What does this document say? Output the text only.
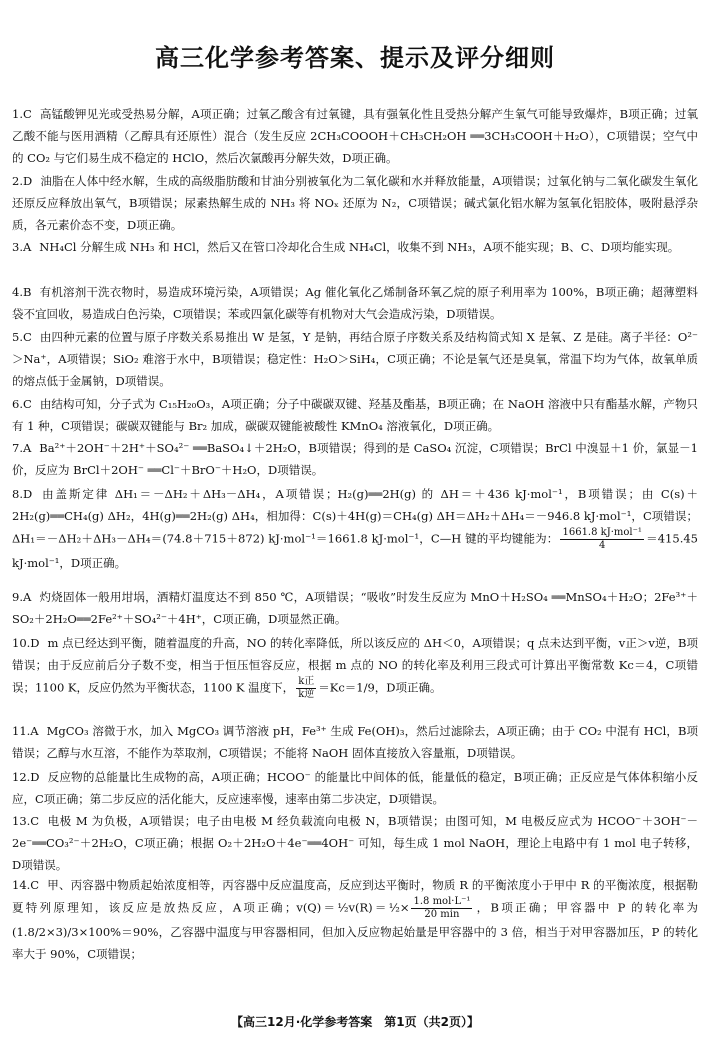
高三化学参考答案、提示及评分细则
1.C 高锰酸钾见光或受热易分解，A项正确；过氧乙酸含有过氧键，具有强氧化性且受热分解产生氧气可能导致爆炸，B项正确；过氧乙酸不能与医用酒精（乙醇具有还原性）混合（发生反应 2CH₃COOOH＋CH₃CH₂OH ══3CH₃COOH＋H₂O），C项错误；空气中的 CO₂ 与它们易生成不稳定的 HClO，然后次氯酸再分解失效，D项正确。
2.D 油脂在人体中经水解，生成的高级脂肪酸和甘油分别被氧化为二氧化碳和水并释放能量，A项错误；过氧化钠与二氧化碳发生氧化还原反应释放出氧气，B项错误；尿素热解生成的 NH₃ 将 NOₓ 还原为 N₂，C项错误；碱式氯化铝水解为氢氧化铝胶体，吸附悬浮杂质，各元素价态不变，D项正确。
3.A NH₄Cl 分解生成 NH₃ 和 HCl，然后又在管口冷却化合生成 NH₄Cl，收集不到 NH₃，A项不能实现；B、C、D项均能实现。
4.B 有机溶剂干洗衣物时，易造成环境污染，A项错误；Ag 催化氧化乙烯制备环氧乙烷的原子利用率为 100%，B项正确；超薄塑料袋不宜回收，易造成白色污染，C项错误；苯或四氯化碳等有机物对大气会造成污染，D项错误。
5.C 由四种元素的位置与原子序数关系易推出 W 是氢，Y 是钠，再结合原子序数关系及结构简式知 X 是氧、Z 是硅。离子半径：O²⁻＞Na⁺，A项错误；SiO₂ 难溶于水中，B项错误；稳定性：H₂O＞SiH₄，C项正确；不论是氧气还是臭氧，常温下均为气体，故氧单质的熔点低于金属钠，D项错误。
6.C 由结构可知，分子式为 C₁₅H₂₀O₃，A项正确；分子中碳碳双键、羟基及酯基，B项正确；在 NaOH 溶液中只有酯基水解，产物只有 1 种，C项错误；碳碳双键能与 Br₂ 加成，碳碳双键能被酸性 KMnO₄ 溶液氧化，D项正确。
7.A Ba²⁺＋2OH⁻＋2H⁺＋SO₄²⁻ ══BaSO₄↓＋2H₂O，B项错误；得到的是 CaSO₄ 沉淀，C项错误；BrCl 中溴显＋1 价，氯显－1 价，反应为 BrCl＋2OH⁻ ══Cl⁻＋BrO⁻＋H₂O，D项错误。
8.D 由盖斯定律 ΔH₁＝－ΔH₂＋ΔH₃－ΔH₄，A项错误；H₂(g)══2H(g) 的 ΔH＝＋436 kJ·mol⁻¹，B项错误；由 C(s)＋2H₂(g)══CH₄(g) ΔH₂，4H(g)══2H₂(g) ΔH₄，相加得：C(s)＋4H(g)＝CH₄(g) ΔH＝ΔH₂＋ΔH₄＝－946.8 kJ·mol⁻¹，C项错误；ΔH₁＝－ΔH₂＋ΔH₃－ΔH₄＝(74.8＋715＋872) kJ·mol⁻¹＝1661.8 kJ·mol⁻¹，C—H 键的平均键能为： $\frac{\text{1661.8 kJ·mol⁻¹}}{4} =415.45$ kJ·mol⁻¹，D项正确。
9.A 灼烧固体一般用坩埚，酒精灯温度达不到 850 ℃，A项错误；“吸收”时发生反应为 MnO＋H₂SO₄ ══MnSO₄＋H₂O；2Fe³⁺＋SO₂＋2H₂O══2Fe²⁺＋SO₄²⁻＋4H⁺，C项正确，D项显然正确。
10.D m 点已经达到平衡，随着温度的升高，NO 的转化率降低，所以该反应的 ΔH＜0，A项错误；q 点未达到平衡，v正＞v逆，B项错误；由于反应前后分子数不变，相当于恒压恒容反应，根据 m 点的 NO 的转化率及利用三段式可计算出平衡常数 Kc＝4，C项错误；1100 K，反应仍然为平衡状态，1100 K 温度下， $\frac{\text{k正}}{\text{k逆}} =Kc=1/9$，D项正确。
11.A MgCO₃ 溶微于水，加入 MgCO₃ 调节溶液 pH，Fe³⁺ 生成 Fe(OH)₃，然后过滤除去，A项正确；由于 CO₂ 中混有 HCl，B项错误；乙醇与水互溶，不能作为萃取剂，C项错误；不能将 NaOH 固体直接放入容量瓶，D项错误。
12.D 反应物的总能量比生成物的高，A项正确；HCOO⁻ 的能量比中间体的低，能量低的稳定，B项正确；正反应是气体体积缩小反应，C项正确；第二步反应的活化能大，反应速率慢，速率由第二步决定，D项错误。
13.C 电极 M 为负极，A项错误；电子由电极 M 经负载流向电极 N，B项错误；由图可知，M 电极反应式为 HCOO⁻＋3OH⁻－2e⁻══CO₃²⁻＋2H₂O，C项正确；根据 O₂＋2H₂O＋4e⁻══4OH⁻ 可知，每生成 1 mol NaOH，理论上电路中有 1 mol 电子转移，D项错误。
14.C 甲、丙容器中物质起始浓度相等，丙容器中反应温度高，反应到达平衡时，物质 R 的平衡浓度小于甲中 R 的平衡浓度，根据勒夏特列原理知，该反应是放热反应，A项正确；v(Q)＝½v(R)＝½× $\frac{\text{1.8 mol·L⁻¹}}{20 \min}$ ，B项正确；甲容器中 P 的转化率为 (1.8/2×3)/3×100%＝90%，乙容器中温度与甲容器相同，但加入反应物起始量是甲容器中的 3 倍，相当于对甲容器加压，P 的转化率大于 90%，C项错误；
【高三12月·化学参考答案　第1页（共2页）】
